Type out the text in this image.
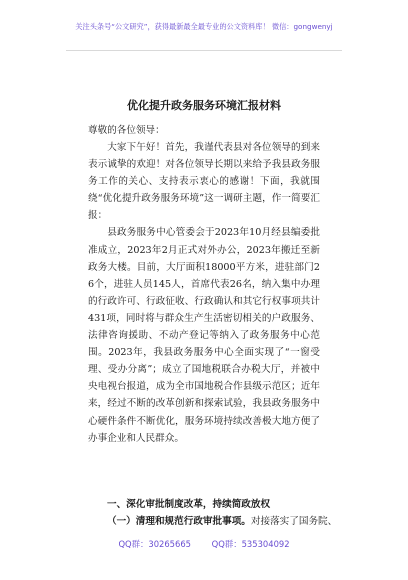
关注头条号“公文研究”，获得最新最全最专业的公文资料库！ 微信：gongwenyj
优化提升政务服务环境汇报材料
尊敬的各位领导：

大家下午好！首先，我谨代表县对各位领导的到来表示诚挚的欢迎！对各位领导长期以来给予我县政务服务工作的关心、支持表示衷心的感谢！下面，我就围绕“优化提升政务服务环境”这一调研主题，作一简要汇报：

县政务服务中心管委会于2023年10月经县编委批准成立，2023年2月正式对外办公，2023年搬迁至新政务大楼。目前，大厅面积18000平方米，进驻部门26个，进驻人员145人，首席代表26名，纳入集中办理的行政许可、行政征收、行政确认和其它行权事项共计431项，同时将与群众生产生活密切相关的户政服务、法律咨询援助、不动产登记等纳入了政务服务中心范围。2023年，我县政务服务中心全面实现了“一窗受理、受办分离”；成立了国地税联合办税大厅，并被中央电视台报道，成为全市国地税合作县级示范区；近年来，经过不断的改革创新和探索试验，我县政务服务中心硬件条件不断优化，服务环境持续改善极大地方便了办事企业和人民群众。

一、深化审批制度改革，持续简政放权
（一）清理和规范行政审批事项。对接落实了国务院、
QQ群：30265665 QQ群：535304092
